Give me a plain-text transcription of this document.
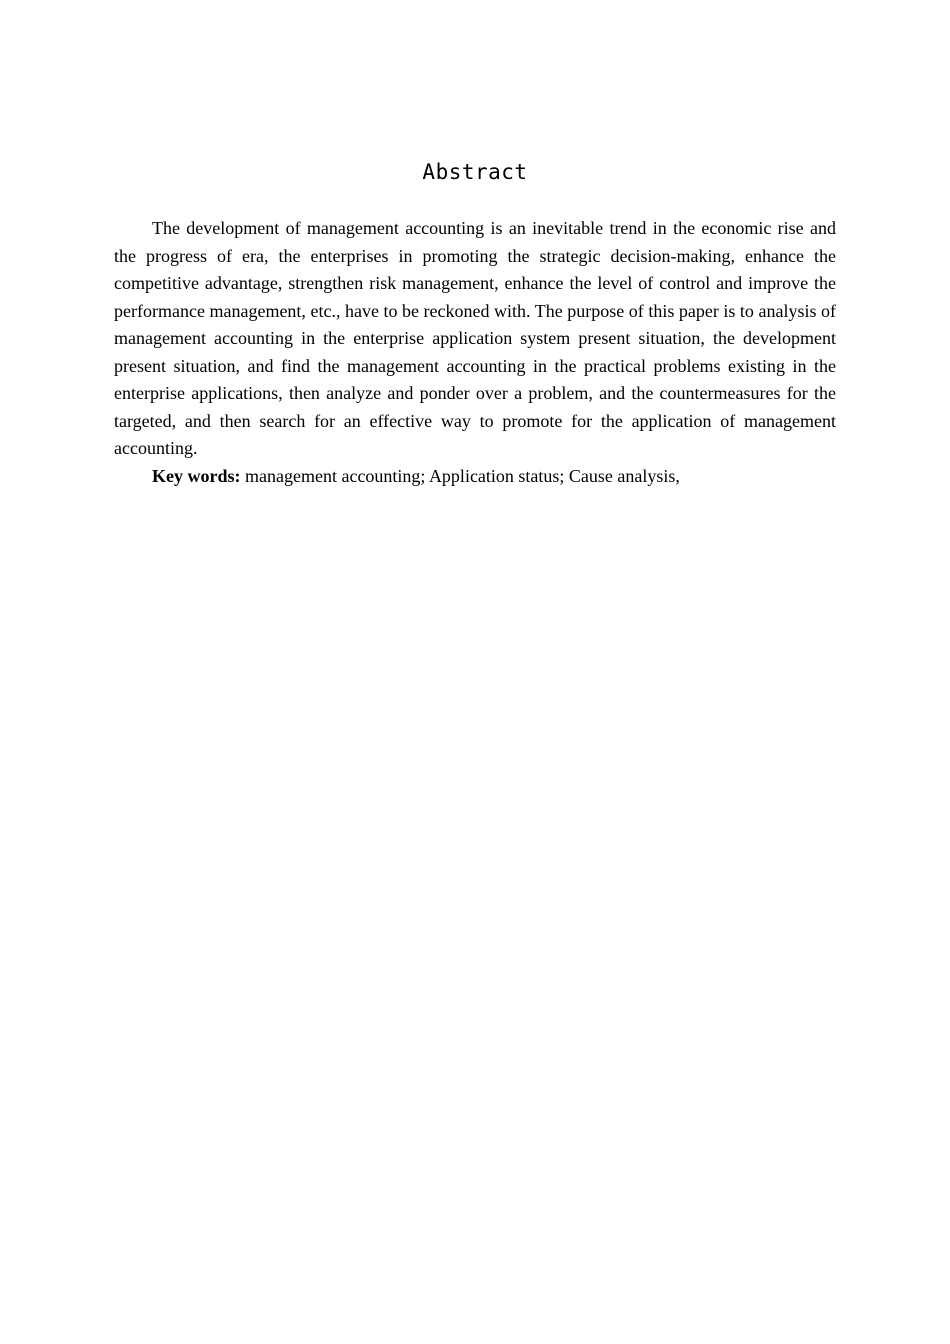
Abstract

The development of management accounting is an inevitable trend in the economic rise and the progress of era, the enterprises in promoting the strategic decision-making, enhance the competitive advantage, strengthen risk management, enhance the level of control and improve the performance management, etc., have to be reckoned with. The purpose of this paper is to analysis of management accounting in the enterprise application system present situation, the development present situation, and find the management accounting in the practical problems existing in the enterprise applications, then analyze and ponder over a problem, and the countermeasures for the targeted, and then search for an effective way to promote for the application of management accounting.

Key words: management accounting; Application status; Cause analysis,
